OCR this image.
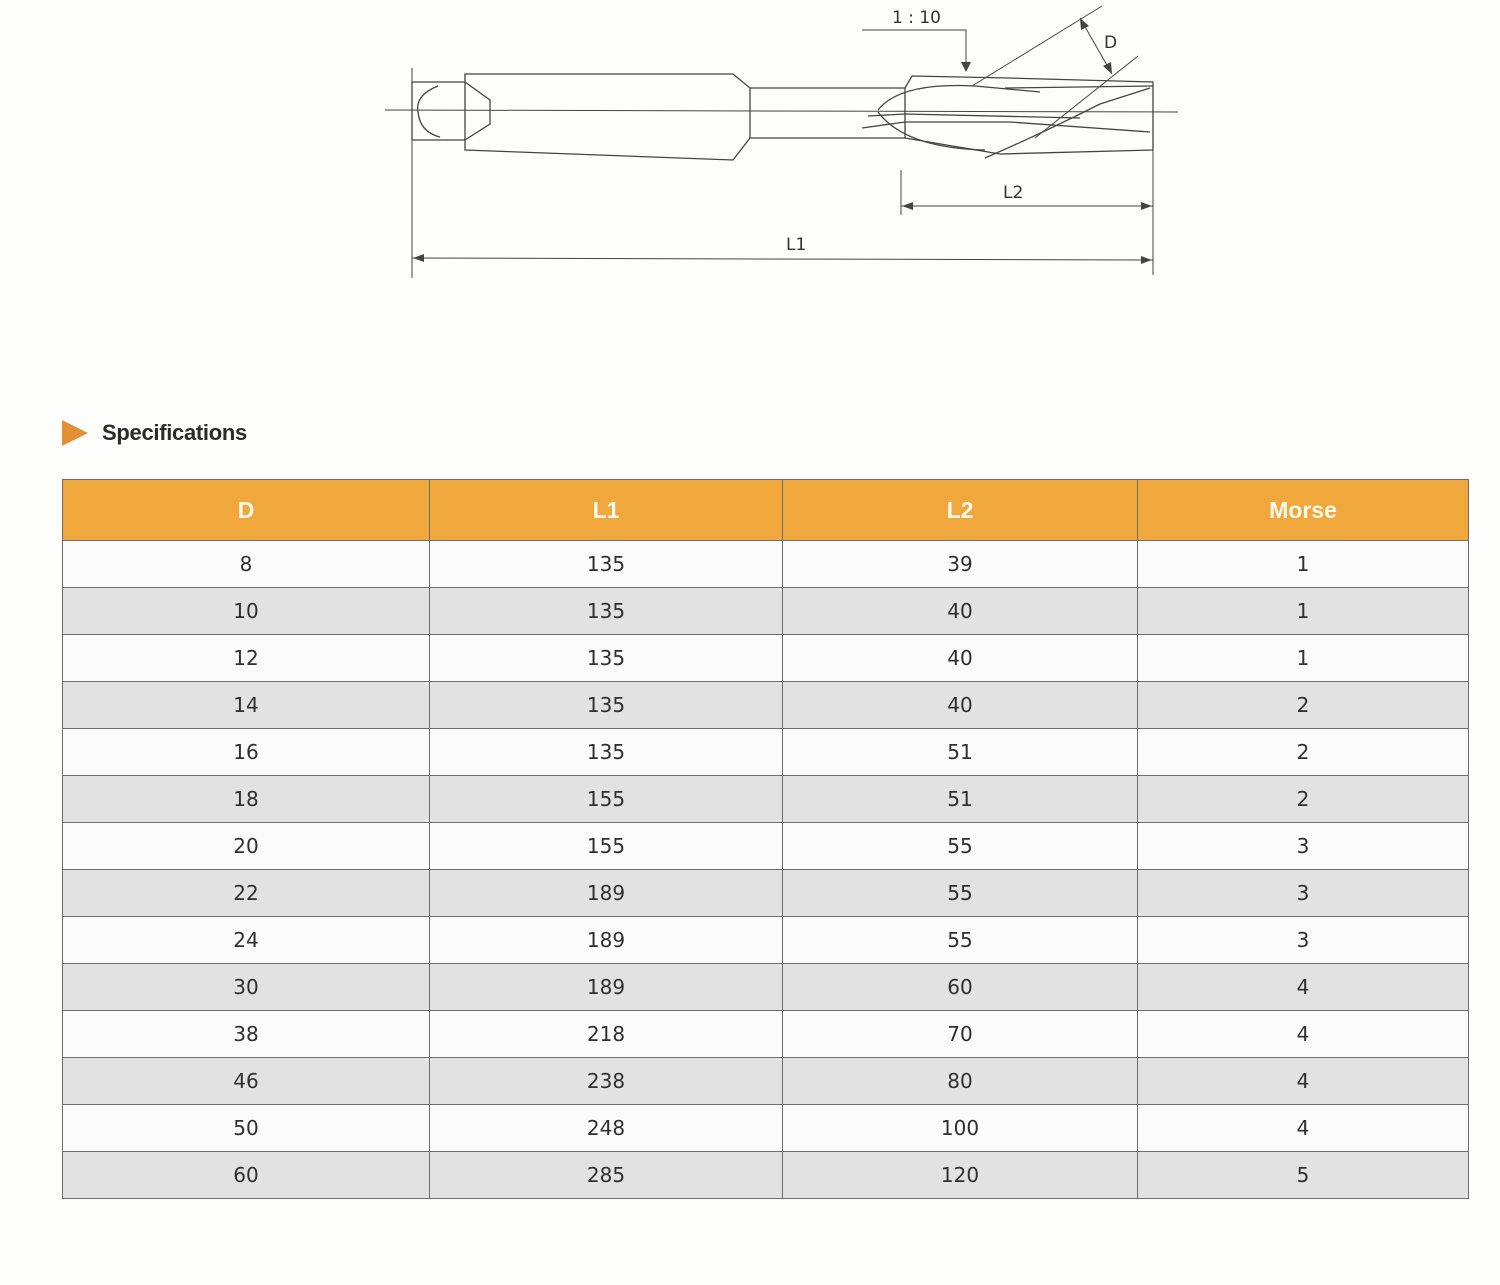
1 : 10
D
L2
L1
Specifications
D	L1	L2	Morse
8	135	39	1
10	135	40	1
12	135	40	1
14	135	40	2
16	135	51	2
18	155	51	2
20	155	55	3
22	189	55	3
24	189	55	3
30	189	60	4
38	218	70	4
46	238	80	4
50	248	100	4
60	285	120	5
